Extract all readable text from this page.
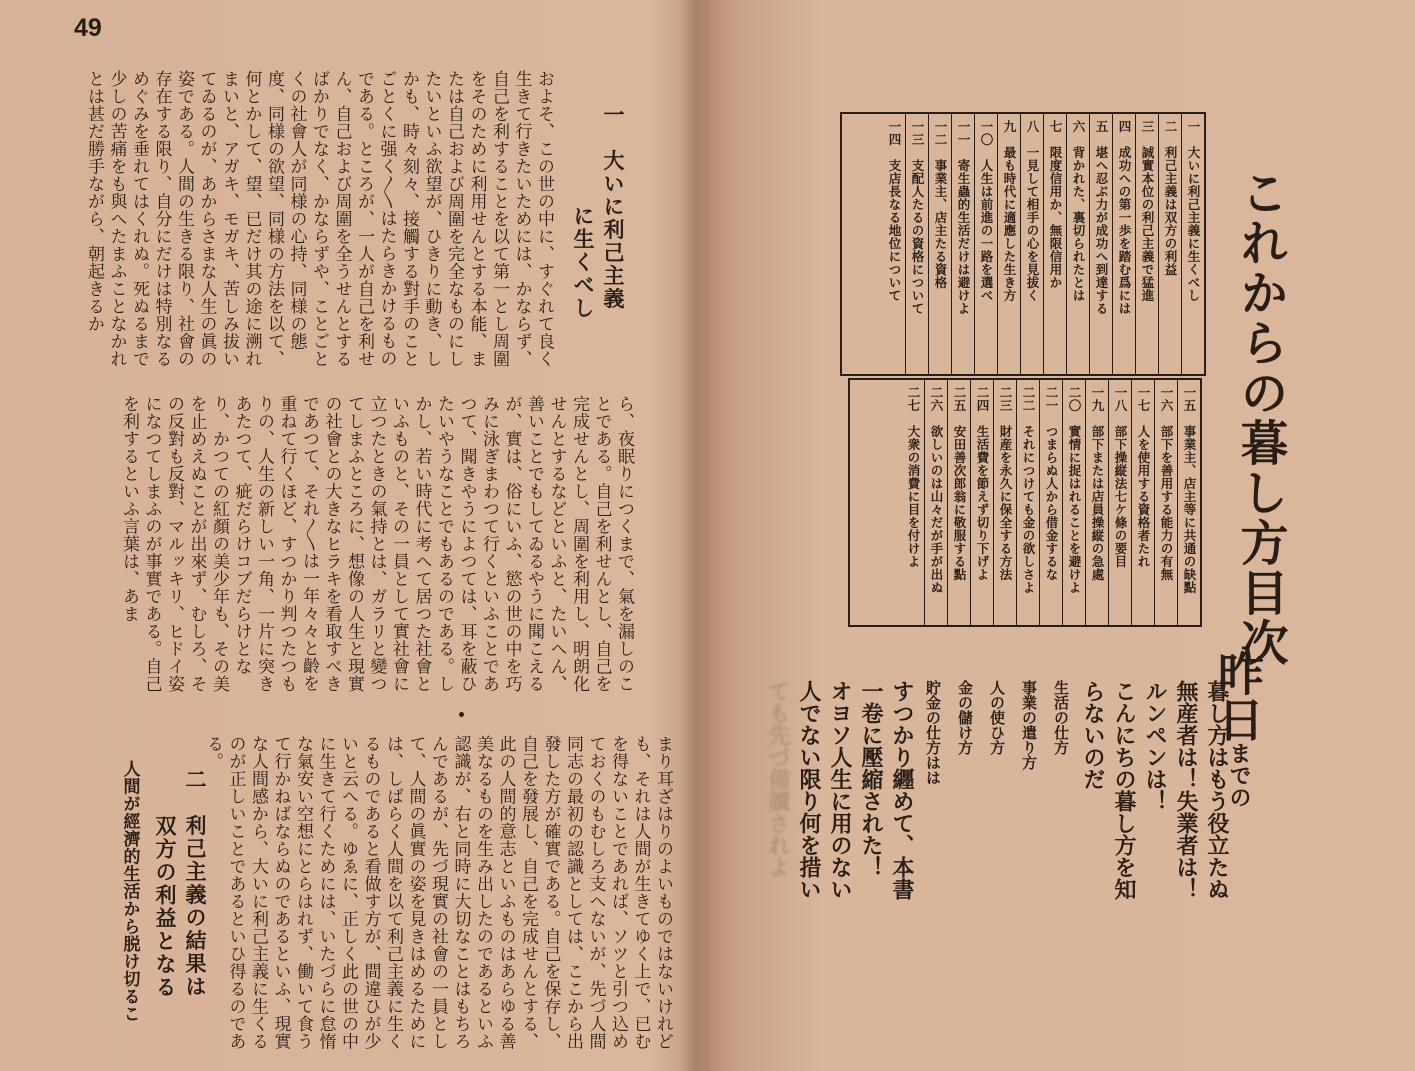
49

一　大いに利己主義

に生くべし
およそ、この世の中に、すぐれて良く生きて行きたいためには、かならず、自己を利することを以て第一とし周圍をそのために利用せんとする本能、または自己および周圍を完全なものにしたいといふ欲望が、ひきりに動き、しかも、時々刻々、接觸する對手のことごとくに强く〳〵はたらきかけるものである。ところが、一人が自己を利せん、自己および周圍を全うせんとするばかりでなく、かならずや、ことごとくの社會人が同様の心持、同様の態度、同様の欲望、同様の方法を以て、何とかして、望、已だけ其の途に溯れまいと、アガキ、モガキ、苦しみ拔いてゐるのが、あからさまな人生の眞の姿である。人間の生きる限り、社會の存在する限り、自分にだけは特別なるめぐみを垂れてはくれぬ。死ぬるまで少しの苦痛をも與へたまふことなかれとは甚だ勝手ながら、朝起きるか
ら、夜眠りにつくまで、氣を漏しのことである。自己を利せんとし、自己を完成せんとし、周圍を利用し、明朗化せんとするなどといふと、たいへん、善いことでもしてゐるやうに聞こえるが、實は、俗にいふ、慾の世の中を巧みに泳ぎまわつて行くといふことであつて、聞きやうによつては、耳を蔽ひたいやうなことでもあるのである。しかし、若い時代に考へて居つた社會といふものと、その一員として實社會に立つたときの氣持とは、ガラリと變つてしまふところに、想像の人生と現實の社會との大きなヒラキを看取すべきであつて、それ〳〵は一年々々と齡を重ねて行くほど、すつかり判つたつもりの、人生の新しい一角、一片に突きあたつて、疵だらけコブだらけとなり、かつての紅顏の美少年も、その美を止めえぬことが出來ず、むしろ、その反對も反對、マルッキリ、ヒドイ姿になつてしまふのが事實である。自己を利するといふ言葉は、あま
まり耳ざはりのよいものではないけれども、それは人間が生きてゆく上で、已むを得ないことであれば、ソツと引つ込めておくのもむしろ支へないが、先づ人間同志の最初の認識としては、ここから出發した方が確實である。自己を保存し、自己を發展し、自己を完成せんとする、此の人間的意志といふものはあらゆる善美なるものを生み出したのであるといふ認識が、右と同時に大切なことはもちろんであるが、先づ現實の社會の一員として、人間の眞實の姿を見きはめるためには、しばらく人間を以て利己主義に生くるものであると看做す方が、間違ひが少いと云へる。ゆゑに、正しく此の世の中に生きて行くためには、いたづらに怠惰な氣安い空想にとらはれず、働いて食うて行かねばならぬのであるといふ、現實な人間感から、大いに利己主義に生くるのが正しいことであるといひ得るのである。

二　利己主義の結果は

双方の利益となる
人間が經濟的生活から脱け切るこ
これからの暮し方目次
一 大いに利己主義に生くべし
二 利己主義は双方の利益
三 誠實本位の利己主義で猛進
四 成功への第一歩を踏む爲には
五 堪へ忍ぶ力が成功へ到達する
六 背かれた、裏切られたとは
七 限度信用か、無限信用か
八 一見して相手の心を見拔く
九 最も時代に適應した生き方
一〇 人生は前進の一路を選べ
一一 寄生蟲的生活だけは避けよ
一二 事業主、店主たる資格
一三 支配人たるの資格について
一四 支店長なる地位について
一五 事業主、店主等に共通の缺點
一六 部下を善用する能力の有無
一七 人を使用する資格者たれ
一八 部下操縦法七ケ條の要目
一九 部下または店員操縦の急處
二〇 實情に捉はれることを避けよ
二一 つまらぬ人から借金するな
二二 それにつけても金の欲しさよ
二三 財産を永久に保全する方法
二四 生活費を節えず切り下げよ
二五 安田善次郎翁に敬服する點
二六 欲しいのは山々だが手が出ぬ
二七 大衆の消費に目を付けよ
昨日までの
暮し方はもう役立たぬ
無産者は！失業者は！
ルンペンは！
こんにちの暮し方を知
らないのだ
生活の仕方
事業の遣り方
人の使ひ方
金の儲け方
貯金の仕方はは
すつかり纒めて、本書
一卷に壓縮された！
オヨソ人生に用のない
人でない限り何を措い
ても先づ備讀されよ
